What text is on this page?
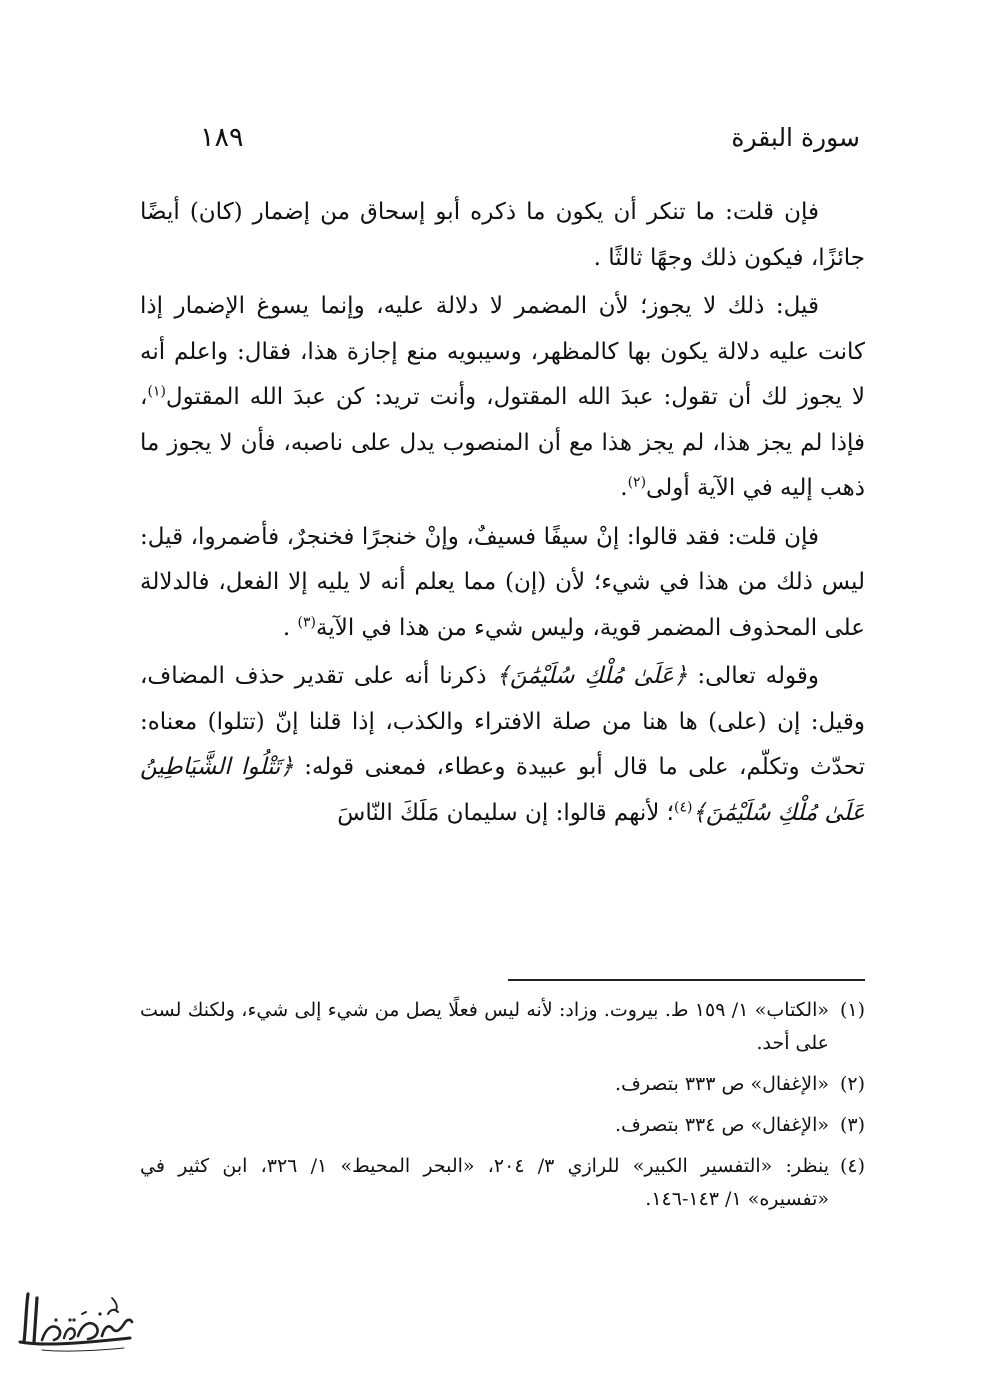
سورة البقرة
١٨٩

فإن قلت: ما تنكر أن يكون ما ذكره أبو إسحاق من إضمار (كان) أيضًا جائزًا، فيكون ذلك وجهًا ثالثًا .

قيل: ذلك لا يجوز؛ لأن المضمر لا دلالة عليه، وإنما يسوغ الإضمار إذا كانت عليه دلالة يكون بها كالمظهر، وسيبويه منع إجازة هذا، فقال: واعلم أنه لا يجوز لك أن تقول: عبدَ الله المقتول، وأنت تريد: كن عبدَ الله المقتول$^{(١)}$، فإذا لم يجز هذا، لم يجز هذا مع أن المنصوب يدل على ناصبه، فأن لا يجوز ما ذهب إليه في الآية أولى$^{(٢)}$.

فإن قلت: فقد قالوا: إنْ سيفًا فسيفٌ، وإنْ خنجرًا فخنجرٌ، فأضمروا، قيل: ليس ذلك من هذا في شيء؛ لأن (إن) مما يعلم أنه لا يليه إلا الفعل، فالدلالة على المحذوف المضمر قوية، وليس شيء من هذا في الآية$^{(٣)}$ .

وقوله تعالى: ﴿عَلَىٰ مُلْكِ سُلَيْمَٰنَ﴾ ذكرنا أنه على تقدير حذف المضاف، وقيل: إن (على) ها هنا من صلة الافتراء والكذب، إذا قلنا إنّ (تتلوا) معناه: تحدّث وتكلّم، على ما قال أبو عبيدة وعطاء، فمعنى قوله: ﴿تَتْلُوا الشَّيَاطِينُ عَلَىٰ مُلْكِ سُلَيْمَٰنَ﴾$^{(٤)}$؛ لأنهم قالوا: إن سليمان مَلَكَ النّاسَ

(١)
«الكتاب» ١/ ١٥٩ ط. بيروت. وزاد: لأنه ليس فعلًا يصل من شيء إلى شيء، ولكنك لست على أحد.
(٢)
«الإغفال» ص ٣٣٣ بتصرف.
(٣)
«الإغفال» ص ٣٣٤ بتصرف.
(٤)
ينظر: «التفسير الكبير» للرازي ٣/ ٢٠٤، «البحر المحيط» ١/ ٣٢٦، ابن كثير في «تفسيره» ١/ ١٤٣-١٤٦.
